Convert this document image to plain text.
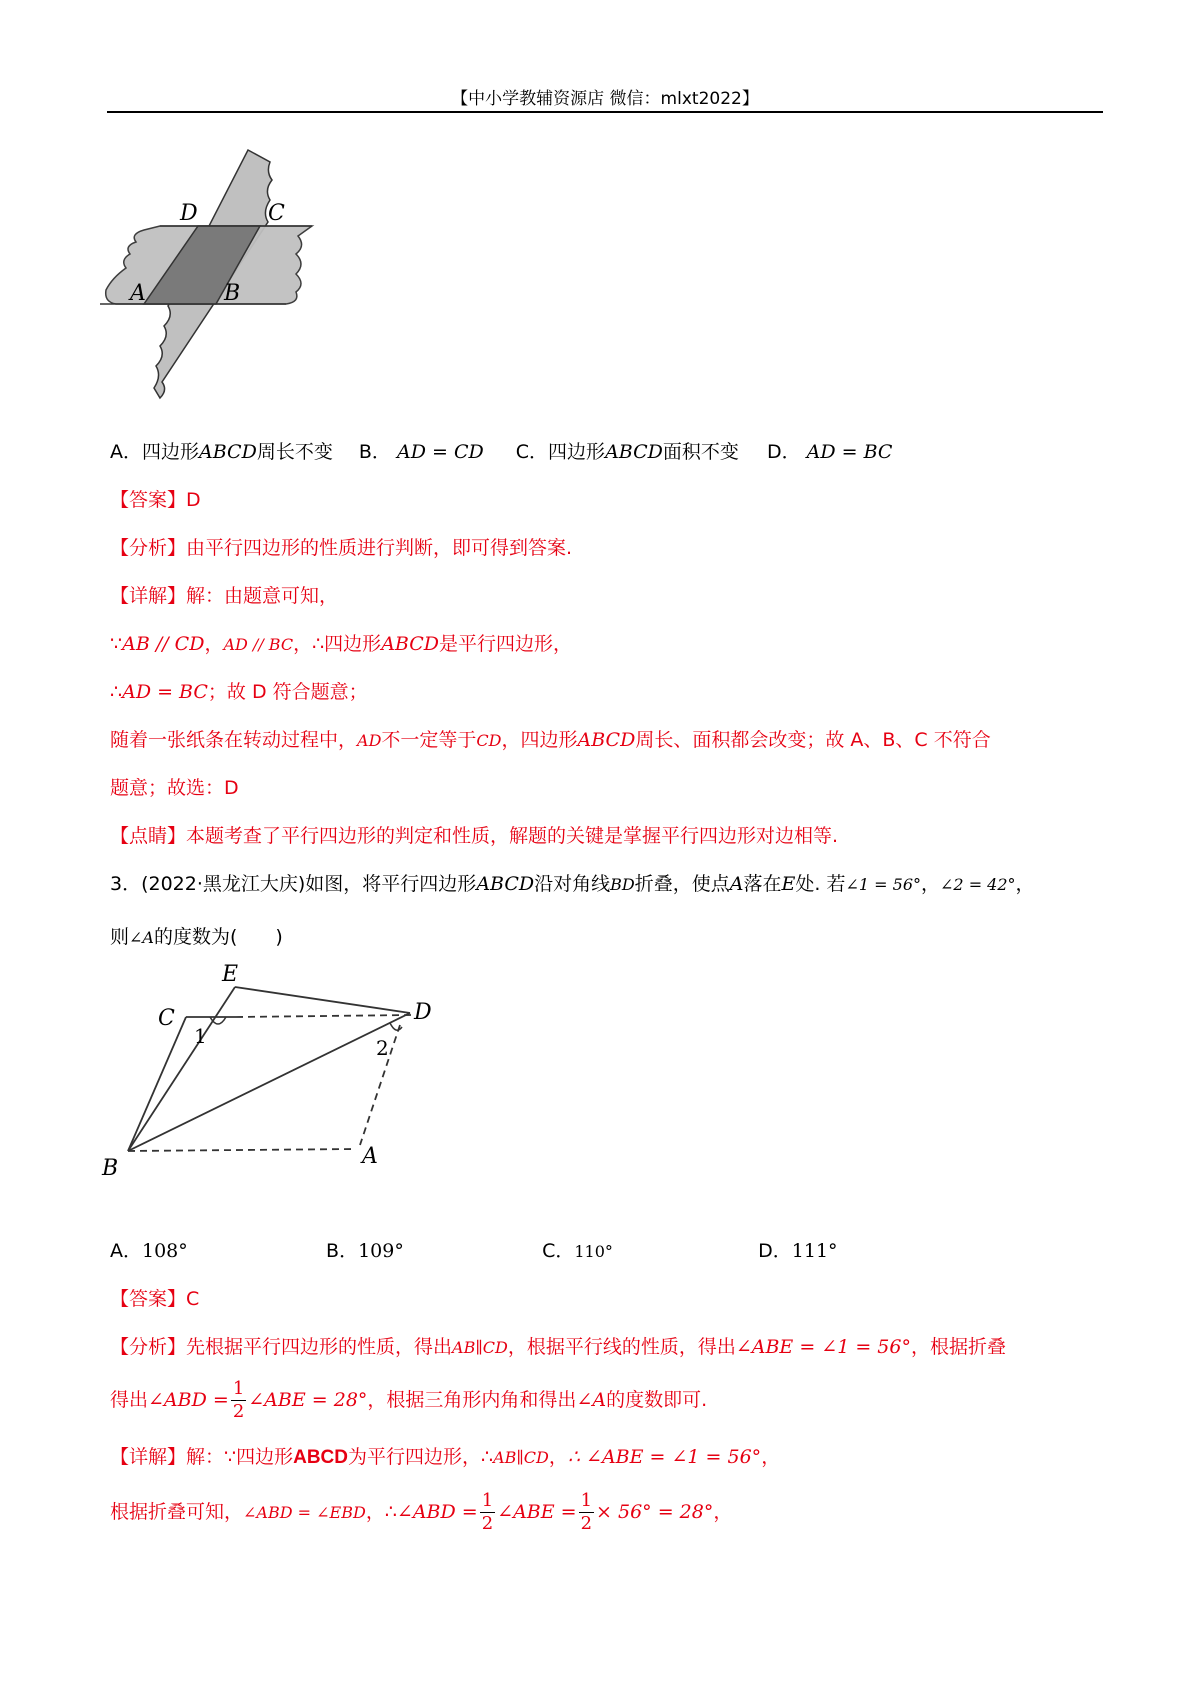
【中小学教辅资源店 微信：mlxt2022】
D	C
A	B
A．四边形ABCD周长不变 B． AD = CD C．四边形ABCD面积不变 D． AD = BC
【答案】D
【分析】由平行四边形的性质进行判断，即可得到答案.
【详解】解：由题意可知，
∵AB // CD，AD // BC，∴四边形ABCD是平行四边形，
∴AD = BC；故 D 符合题意；
随着一张纸条在转动过程中，AD不一定等于CD，四边形ABCD周长、面积都会改变；故 A、B、C 不符合
题意；故选：D
【点睛】本题考查了平行四边形的判定和性质，解题的关键是掌握平行四边形对边相等.
3．(2022·黑龙江大庆)如图，将平行四边形ABCD沿对角线BD折叠，使点A落在E处. 若∠1 = 56°，∠2 = 42°，
则∠A的度数为(　　)
E
C	D
B	A
1	2
A．108°	B．109°	C．110°	D．111°
【答案】C
【分析】先根据平行四边形的性质，得出AB∥CD，根据平行线的性质，得出∠ABE = ∠1 = 56°，根据折叠
得出∠ABD = $\frac{1}{2}$ ∠ABE = 28°，根据三角形内角和得出∠A的度数即可.
【详解】解：∵四边形ABCD为平行四边形，∴AB∥CD，∴ ∠ABE = ∠1 = 56°，
根据折叠可知，∠ABD = ∠EBD，∴∠ABD = $\frac{1}{2}$ ∠ABE = $\frac{1}{2} \times 56^\circ = 28^\circ$，
